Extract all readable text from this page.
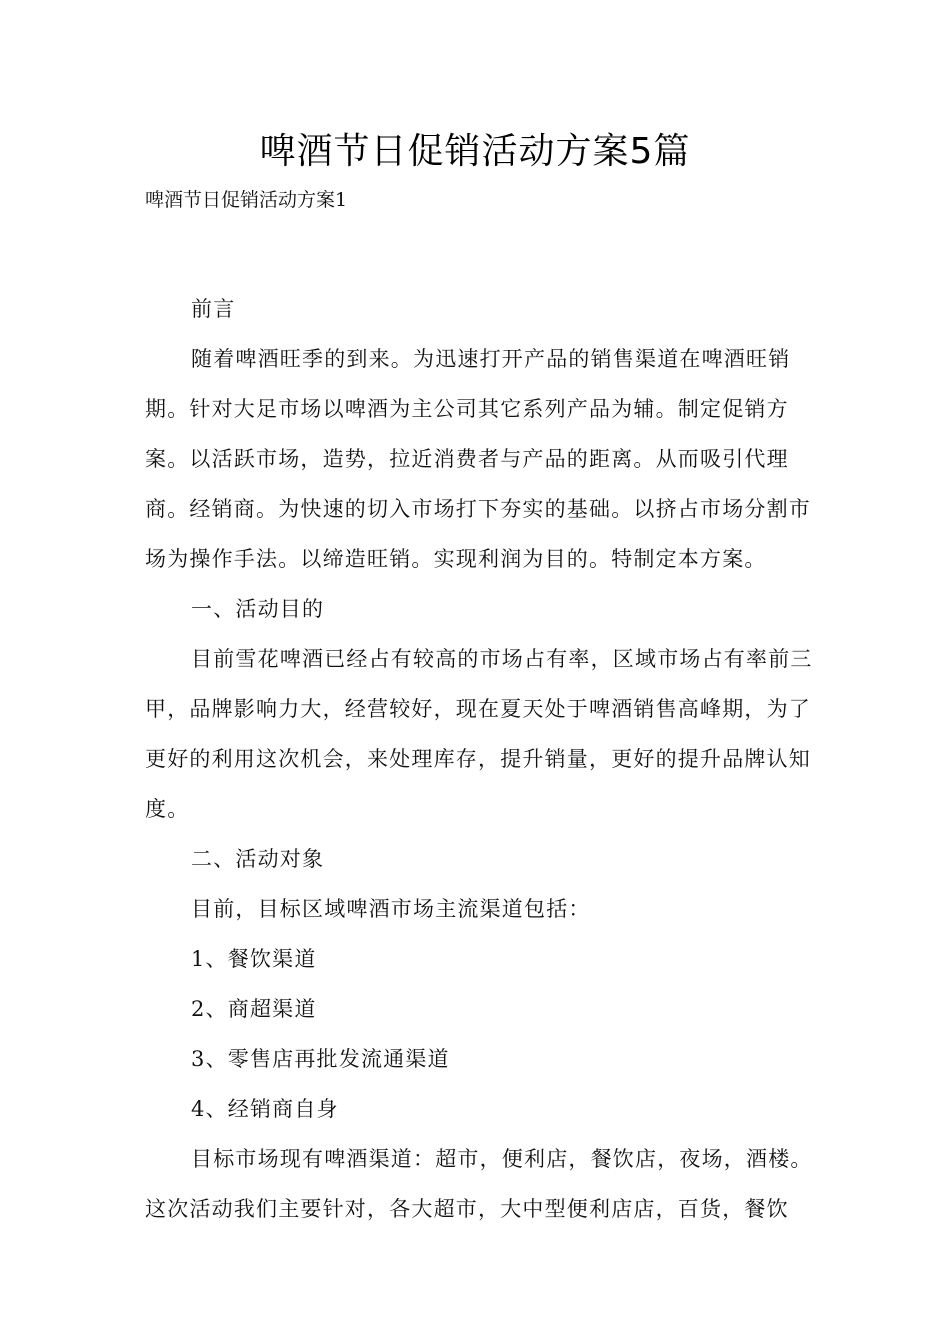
啤酒节日促销活动方案5篇
啤酒节日促销活动方案1

前言

随着啤酒旺季的到来。为迅速打开产品的销售渠道在啤酒旺销期。针对大足市场以啤酒为主公司其它系列产品为辅。制定促销方案。以活跃市场，造势，拉近消费者与产品的距离。从而吸引代理商。经销商。为快速的切入市场打下夯实的基础。以挤占市场分割市场为操作手法。以缔造旺销。实现利润为目的。特制定本方案。

一、活动目的

目前雪花啤酒已经占有较高的市场占有率，区域市场占有率前三甲，品牌影响力大，经营较好，现在夏天处于啤酒销售高峰期，为了更好的利用这次机会，来处理库存，提升销量，更好的提升品牌认知度。

二、活动对象

目前，目标区域啤酒市场主流渠道包括：

1、餐饮渠道

2、商超渠道

3、零售店再批发流通渠道

4、经销商自身

目标市场现有啤酒渠道：超市，便利店，餐饮店，夜场，酒楼。这次活动我们主要针对，各大超市，大中型便利店店，百货，餐饮
